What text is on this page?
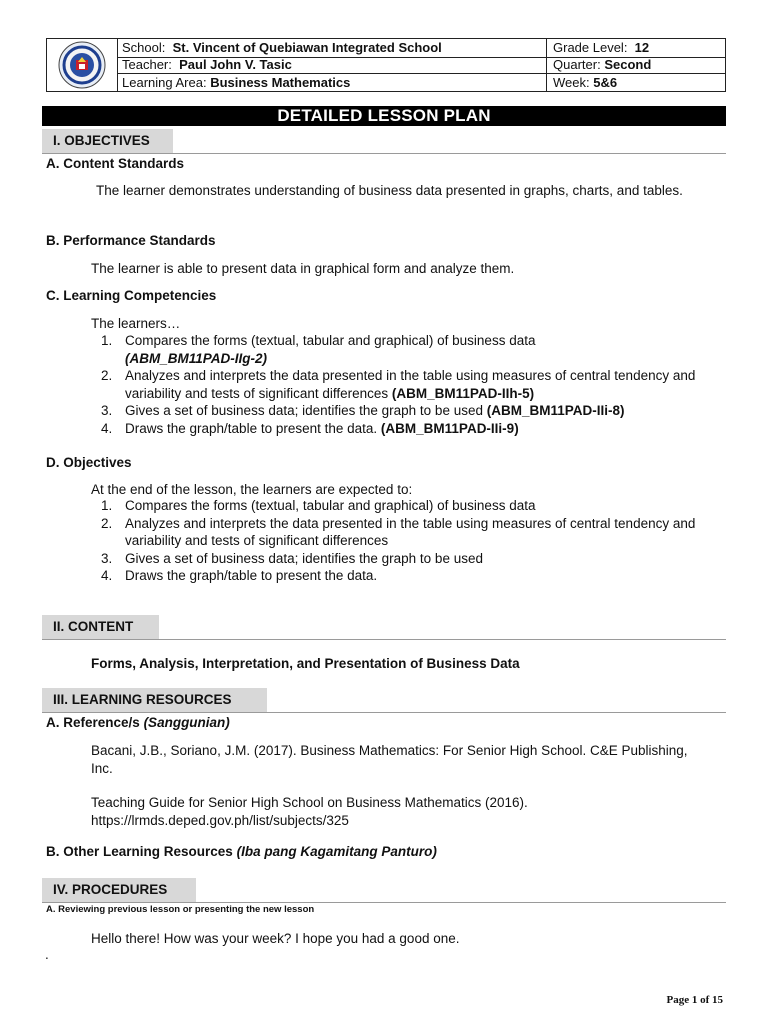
School: St. Vincent of Quebiawan Integrated School	Grade Level: 12
Teacher: Paul John V. Tasic	Quarter: Second
Learning Area: Business Mathematics	Week: 5&6
DETAILED LESSON PLAN
I. OBJECTIVES
A. Content Standards
The learner demonstrates understanding of business data presented in graphs, charts, and tables.
B. Performance Standards
The learner is able to present data in graphical form and analyze them.
C. Learning Competencies
The learners…
1. Compares the forms (textual, tabular and graphical) of business data
(ABM_BM11PAD-IIg-2)
2. Analyzes and interprets the data presented in the table using measures of central tendency and variability and tests of significant differences (ABM_BM11PAD-IIh-5)
3. Gives a set of business data; identifies the graph to be used (ABM_BM11PAD-IIi-8)
4. Draws the graph/table to present the data. (ABM_BM11PAD-IIi-9)
D. Objectives
At the end of the lesson, the learners are expected to:
1. Compares the forms (textual, tabular and graphical) of business data
2. Analyzes and interprets the data presented in the table using measures of central tendency and variability and tests of significant differences
3. Gives a set of business data; identifies the graph to be used
4. Draws the graph/table to present the data.
II. CONTENT
Forms, Analysis, Interpretation, and Presentation of Business Data
III. LEARNING RESOURCES
A. Reference/s (Sanggunian)
Bacani, J.B., Soriano, J.M. (2017). Business Mathematics: For Senior High School. C&E Publishing, Inc.
Teaching Guide for Senior High School on Business Mathematics (2016).
https://lrmds.deped.gov.ph/list/subjects/325
B. Other Learning Resources (Iba pang Kagamitang Panturo)
IV. PROCEDURES
A. Reviewing previous lesson or presenting the new lesson
Hello there! How was your week? I hope you had a good one.
.
Page 1 of 15
